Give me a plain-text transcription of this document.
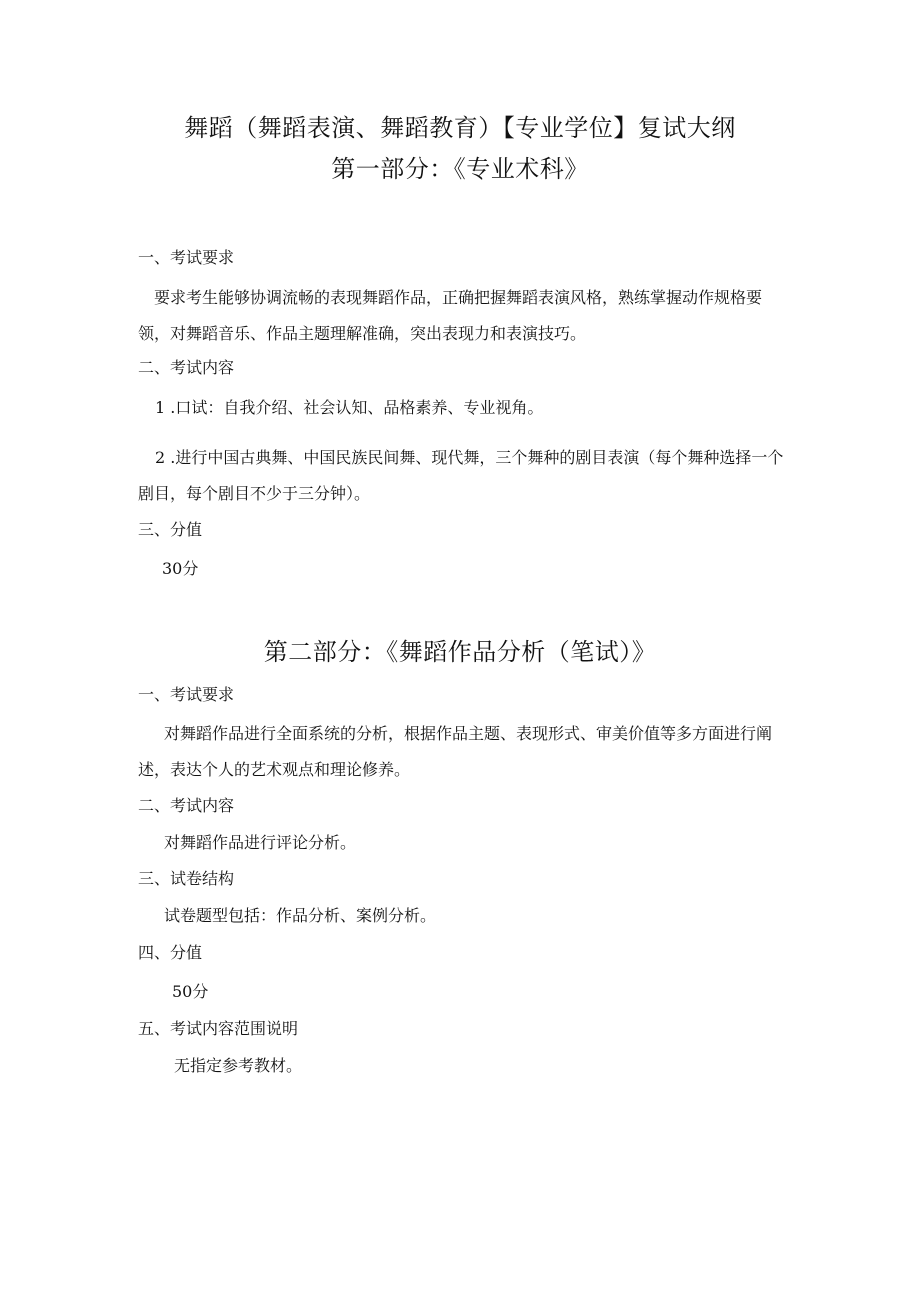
舞蹈（舞蹈表演、舞蹈教育）【专业学位】复试大纲
第一部分：《专业术科》
一、考试要求
要求考生能够协调流畅的表现舞蹈作品，正确把握舞蹈表演风格，熟练掌握动作规格要领，对舞蹈音乐、作品主题理解准确，突出表现力和表演技巧。
二、考试内容
1 .口试：自我介绍、社会认知、品格素养、专业视角。
2 .进行中国古典舞、中国民族民间舞、现代舞，三个舞种的剧目表演（每个舞种选择一个剧目，每个剧目不少于三分钟）。
三、分值
30分
第二部分：《舞蹈作品分析（笔试）》
一、考试要求
对舞蹈作品进行全面系统的分析，根据作品主题、表现形式、审美价值等多方面进行阐述，表达个人的艺术观点和理论修养。
二、考试内容
对舞蹈作品进行评论分析。
三、试卷结构
试卷题型包括：作品分析、案例分析。
四、分值
50分
五、考试内容范围说明
无指定参考教材。
